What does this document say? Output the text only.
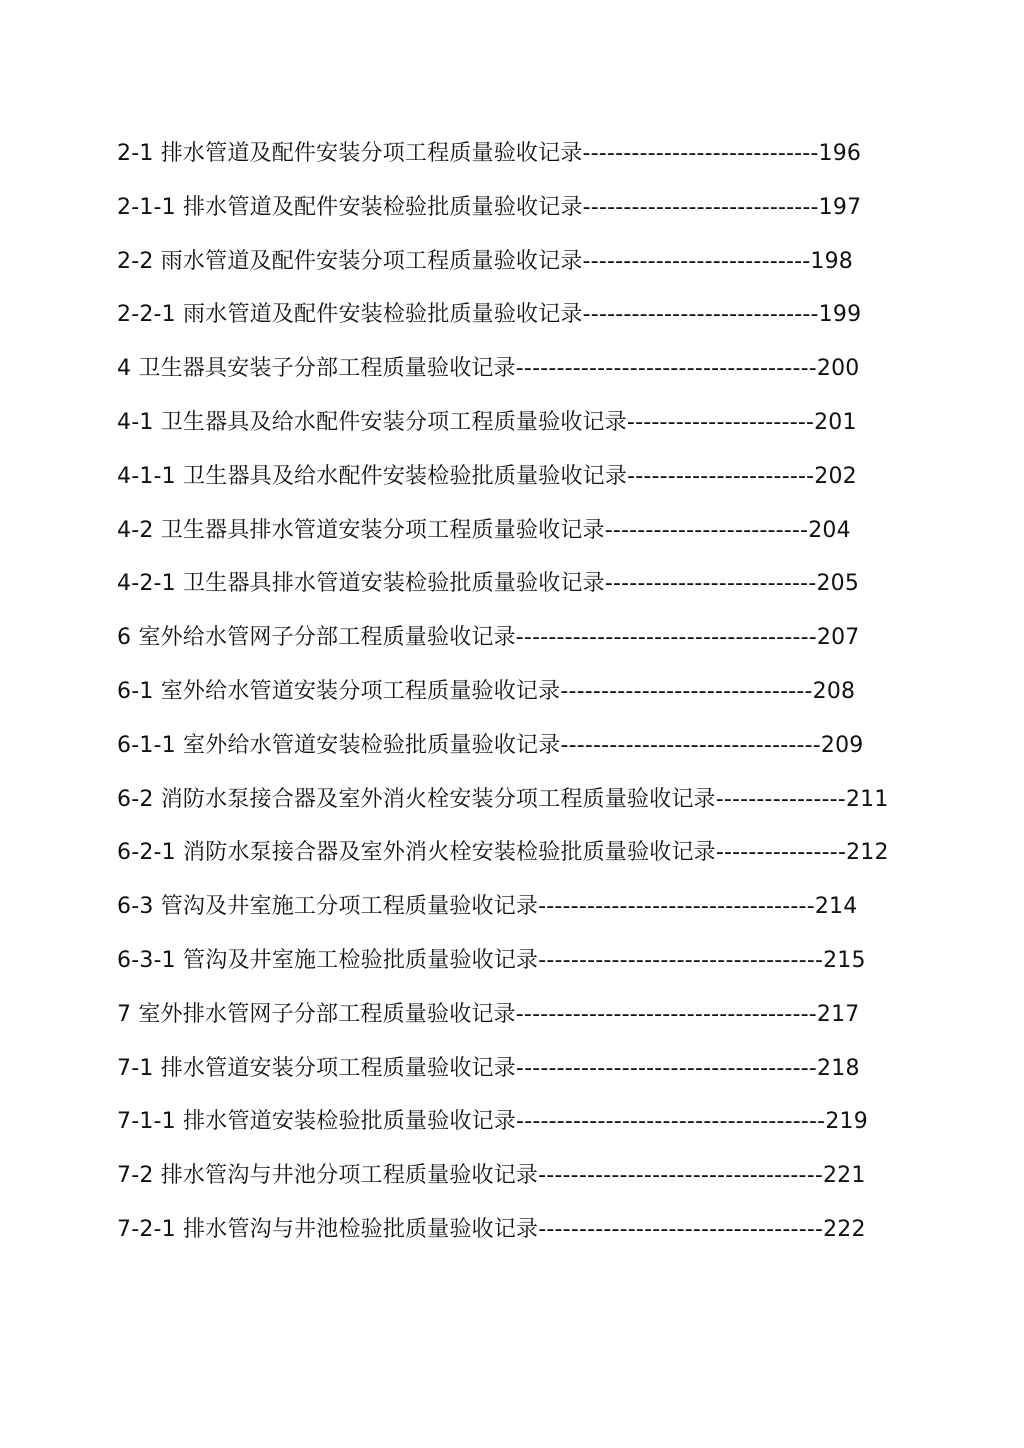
2-1 排水管道及配件安装分项工程质量验收记录-----------------------------196
2-1-1 排水管道及配件安装检验批质量验收记录-----------------------------197
2-2 雨水管道及配件安装分项工程质量验收记录----------------------------198
2-2-1 雨水管道及配件安装检验批质量验收记录-----------------------------199
4 卫生器具安装子分部工程质量验收记录-------------------------------------200
4-1 卫生器具及给水配件安装分项工程质量验收记录-----------------------201
4-1-1 卫生器具及给水配件安装检验批质量验收记录-----------------------202
4-2 卫生器具排水管道安装分项工程质量验收记录-------------------------204
4-2-1 卫生器具排水管道安装检验批质量验收记录--------------------------205
6 室外给水管网子分部工程质量验收记录-------------------------------------207
6-1 室外给水管道安装分项工程质量验收记录-------------------------------208
6-1-1 室外给水管道安装检验批质量验收记录--------------------------------209
6-2 消防水泵接合器及室外消火栓安装分项工程质量验收记录----------------211
6-2-1 消防水泵接合器及室外消火栓安装检验批质量验收记录----------------212
6-3 管沟及井室施工分项工程质量验收记录----------------------------------214
6-3-1 管沟及井室施工检验批质量验收记录-----------------------------------215
7 室外排水管网子分部工程质量验收记录-------------------------------------217
7-1 排水管道安装分项工程质量验收记录-------------------------------------218
7-1-1 排水管道安装检验批质量验收记录--------------------------------------219
7-2 排水管沟与井池分项工程质量验收记录-----------------------------------221
7-2-1 排水管沟与井池检验批质量验收记录-----------------------------------222
